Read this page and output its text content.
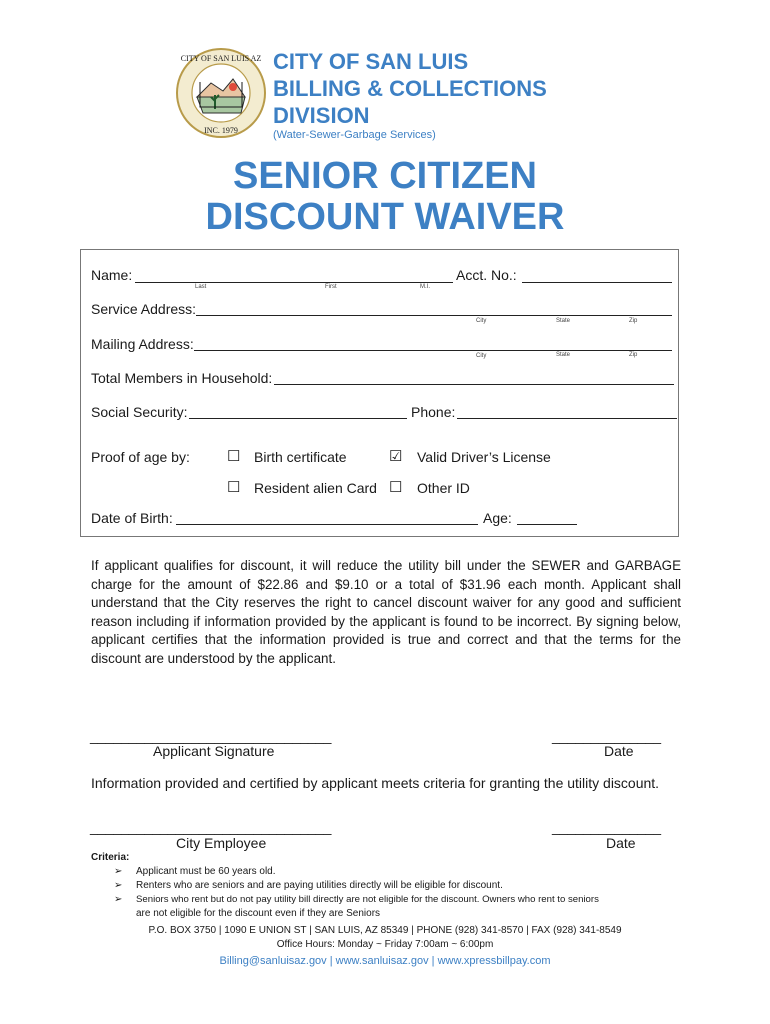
CITY OF SAN LUIS AZ
INC. 1979
CITY OF SAN LUIS
BILLING & COLLECTIONS
DIVISION
(Water-Sewer-Garbage Services)
SENIOR CITIZEN
DISCOUNT WAIVER
Name:
Last	First	M.I.
Acct. No.:
Service Address:
City	State	Zip
Mailing Address:
City	State	Zip
Total Members in Household:
Social Security:	Phone:
Proof of age by: ☐ Birth certificate	☑ Valid Driver’s License
☐ Resident alien Card ☐ Other ID
Date of Birth:	Age:
If applicant qualifies for discount, it will reduce the utility bill under the SEWER and GARBAGE charge for the amount of $22.86 and $9.10 or a total of $31.96 each month. Applicant shall understand that the City reserves the right to cancel discount waiver for any good and sufficient reason including if information provided by the applicant is found to be incorrect. By signing below, applicant certifies that the information provided is true and correct and that the terms for the discount are understood by the applicant.
_______________________________
Applicant Signature
______________
Date
Information provided and certified by applicant meets criteria for granting the utility discount.
_______________________________
City Employee
______________
Date
Criteria:
➢ Applicant must be 60 years old.
➢ Renters who are seniors and are paying utilities directly will be eligible for discount.
➢ Seniors who rent but do not pay utility bill directly are not eligible for the discount. Owners who rent to seniors
are not eligible for the discount even if they are Seniors
P.O. BOX 3750 | 1090 E UNION ST | SAN LUIS, AZ 85349 | PHONE (928) 341-8570 | FAX (928) 341-8549
Office Hours: Monday ~ Friday 7:00am ~ 6:00pm
Billing@sanluisaz.gov | www.sanluisaz.gov | www.xpressbillpay.com
